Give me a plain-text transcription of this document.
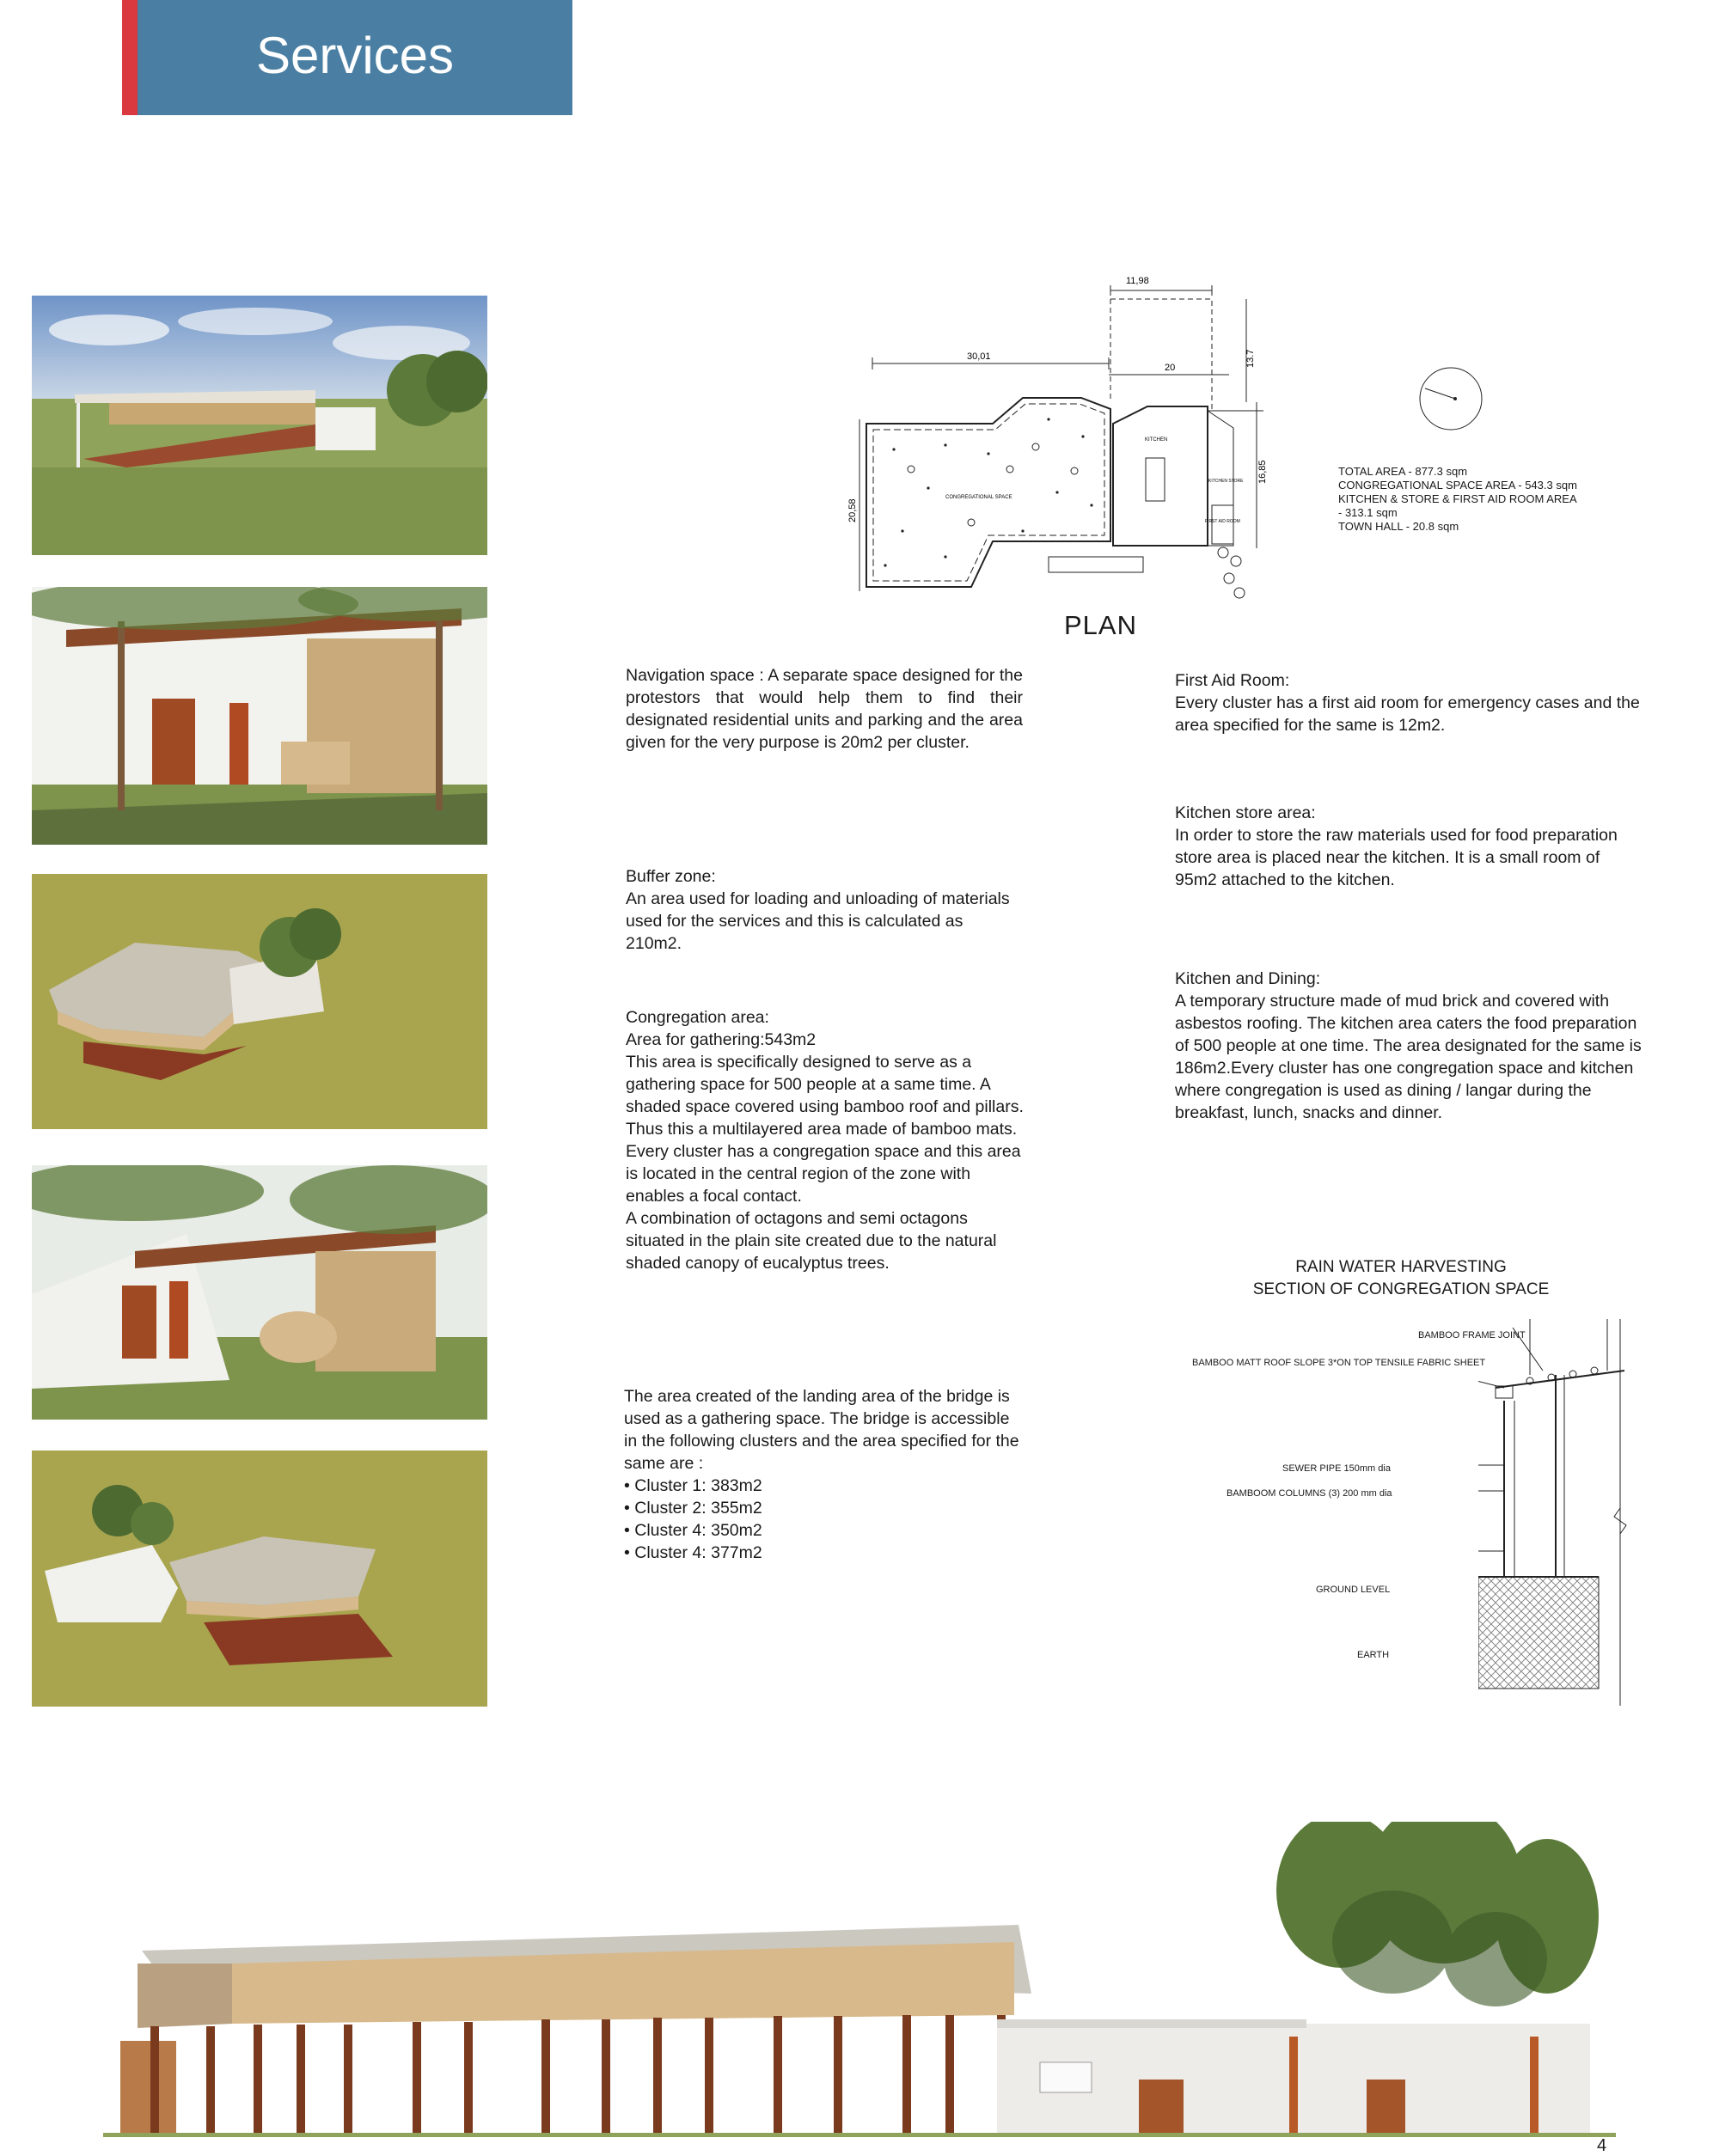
Services

Navigation space : A separate space designed for the protestors that would help them to find their designated residential units and parking and the area given for the very purpose is 20m2 per cluster.

Buffer zone:

An area used for loading and unloading of materials used for the services and this is calculated as 210m2.

Congregation area:

Area for gathering:543m2

This area is specifically designed to serve as a gathering space for 500 people at a same time. A shaded space covered using bamboo roof and pillars. Thus this a multilayered area made of bamboo mats. Every cluster has a congregation space and this area is located in the central region of the zone with enables a focal contact.

A combination of octagons and semi octagons situated in the plain site created due to the natural shaded canopy of eucalyptus trees.

The area created of the landing area of the bridge is used as a gathering space. The bridge is accessible in the following clusters and the area specified for the same are :

• Cluster 1: 383m2

• Cluster 2: 355m2

• Cluster 4: 350m2

• Cluster 4: 377m2

First Aid Room:

Every cluster has a first aid room for emergency cases and the area specified for the same is 12m2.

Kitchen store area:

In order to store the raw materials used for food preparation store area is placed near the kitchen. It is a small room of 95m2 attached to the kitchen.

Kitchen and Dining:

A temporary structure made of mud brick and covered with asbestos roofing. The kitchen area caters the food preparation of 500 people at one time. The area designated for the same is 186m2.Every cluster has one congregation space and kitchen where congregation is used as dining / langar during the breakfast, lunch, snacks and dinner.

11,98
30,01
20	13.7
16,85
20,58
CONGREGATIONAL SPACE
KITCHEN
KITCHEN STORE
FIRST AID ROOM
PLAN
TOTAL AREA - 877.3 sqm
CONGREGATIONAL SPACE AREA - 543.3 sqm
KITCHEN & STORE & FIRST AID ROOM AREA
- 313.1 sqm
TOWN HALL - 20.8 sqm
RAIN WATER HARVESTING
SECTION OF CONGREGATION SPACE
BAMBOO FRAME JOINT
BAMBOO MATT ROOF SLOPE 3*ON TOP TENSILE FABRIC SHEET
SEWER PIPE 150mm dia
BAMBOOM COLUMNS (3) 200 mm dia
GROUND LEVEL
EARTH
4
